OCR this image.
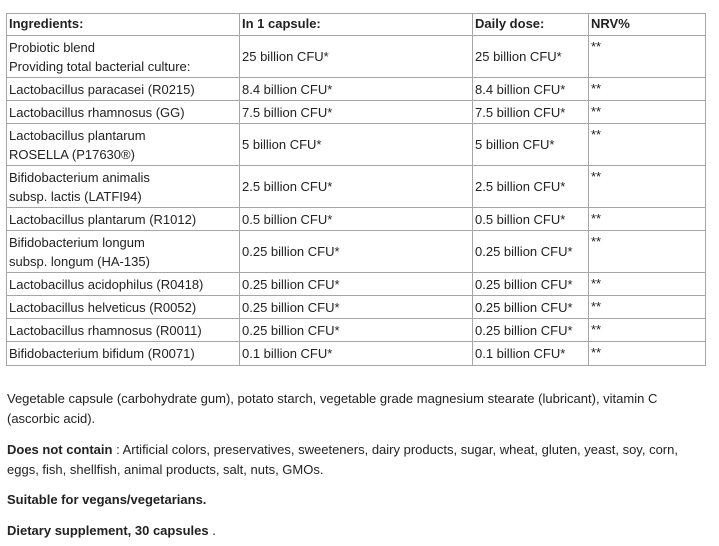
Ingredients:	In 1 capsule:	Daily dose:	NRV%

Probiotic blend
Providing total bacterial culture:	25 billion CFU*	25 billion CFU*	**

Lactobacillus paracasei (R0215)	8.4 billion CFU*	8.4 billion CFU*	**

Lactobacillus rhamnosus (GG)	7.5 billion CFU*	7.5 billion CFU*	**

Lactobacillus plantarum
ROSELLA (P17630®)	5 billion CFU*	5 billion CFU*	**

Bifidobacterium animalis
subsp. lactis (LATFI94)	2.5 billion CFU*	2.5 billion CFU*	**

Lactobacillus plantarum (R1012)	0.5 billion CFU*	0.5 billion CFU*	**

Bifidobacterium longum
subsp. longum (HA-135)	0.25 billion CFU*	0.25 billion CFU*	**

Lactobacillus acidophilus (R0418)	0.25 billion CFU*	0.25 billion CFU*	**

Lactobacillus helveticus (R0052)	0.25 billion CFU*	0.25 billion CFU*	**

Lactobacillus rhamnosus (R0011)	0.25 billion CFU*	0.25 billion CFU*	**

Bifidobacterium bifidum (R0071)	0.1 billion CFU*	0.1 billion CFU*	**

Vegetable capsule (carbohydrate gum), potato starch, vegetable grade magnesium stearate (lubricant), vitamin C (ascorbic acid).

Does not contain : Artificial colors, preservatives, sweeteners, dairy products, sugar, wheat, gluten, yeast, soy, corn, eggs, fish, shellfish, animal products, salt, nuts, GMOs.

Suitable for vegans/vegetarians.

Dietary supplement, 30 capsules .
